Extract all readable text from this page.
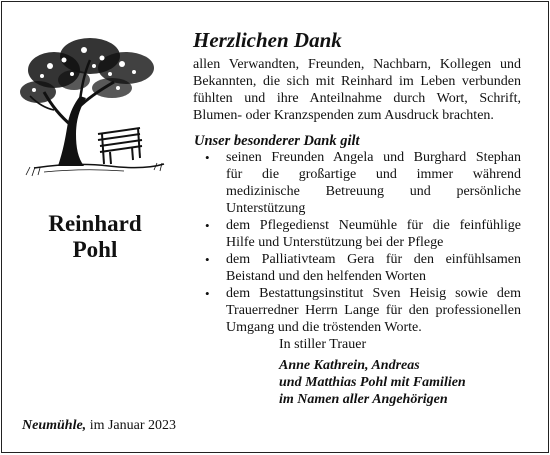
Reinhard
Pohl
Herzlichen Dank
allen Verwandten, Freunden, Nachbarn, Kollegen und
Bekannten, die sich mit Reinhard im Leben verbunden
fühlten und ihre Anteilnahme durch Wort, Schrift,
Blumen- oder Kranzspenden zum Ausdruck brachten.
Unser besonderer Dank gilt
• seinen Freunden Angela und Burghard Stephan
für die großartige und immer während
medizinische Betreuung und persönliche
Unterstützung
• dem Pflegedienst Neumühle für die feinfühlige
Hilfe und Unterstützung bei der Pflege
• dem Palliativteam Gera für den einfühlsamen
Beistand und den helfenden Worten
• dem Bestattungsinstitut Sven Heisig sowie dem
Trauerredner Herrn Lange für den professionellen
Umgang und die tröstenden Worte.
In stiller Trauer
Anne Kathrein, Andreas
und Matthias Pohl mit Familien
im Namen aller Angehörigen
Neumühle, im Januar 2023
